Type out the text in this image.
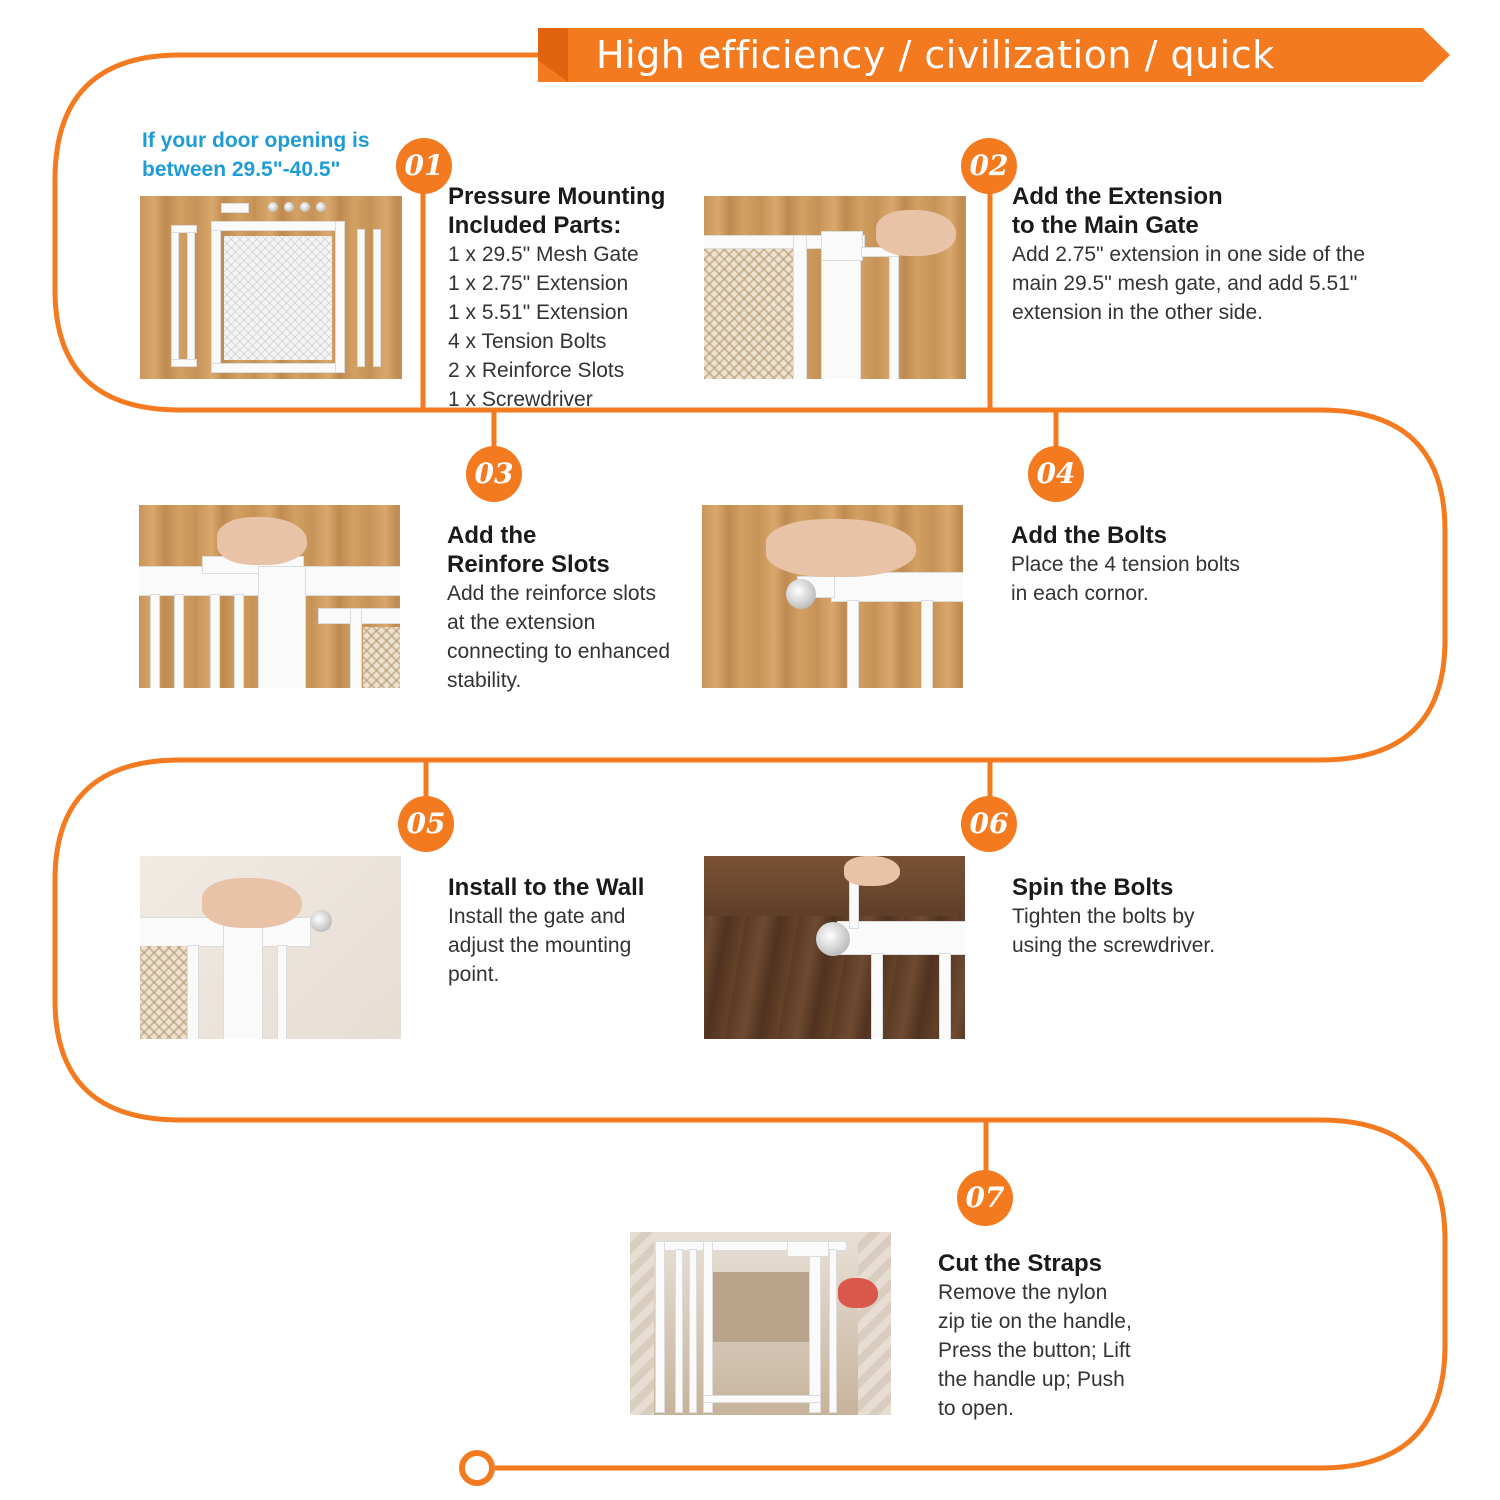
High efficiency / civilization / quick installation
If your door opening is
between 29.5"-40.5"	01	02
03	04
05	06
07
Pressure Mounting
Included Parts:
1 x 29.5" Mesh Gate
1 x 2.75" Extension
1 x 5.51" Extension
4 x Tension Bolts
2 x Reinforce Slots
1 x Screwdriver
Add the Extension
to the Main Gate
Add 2.75" extension in one side of the
main 29.5" mesh gate, and add 5.51"
extension in the other side.
Add the
Reinfore Slots
Add the reinforce slots
at the extension
connecting to enhanced
stability.
Add the Bolts
Place the 4 tension bolts
in each cornor.
Install to the Wall
Install the gate and
adjust the mounting
point.
Spin the Bolts
Tighten the bolts by
using the screwdriver.
Cut the Straps
Remove the nylon
zip tie on the handle,
Press the button; Lift
the handle up; Push
to open.
